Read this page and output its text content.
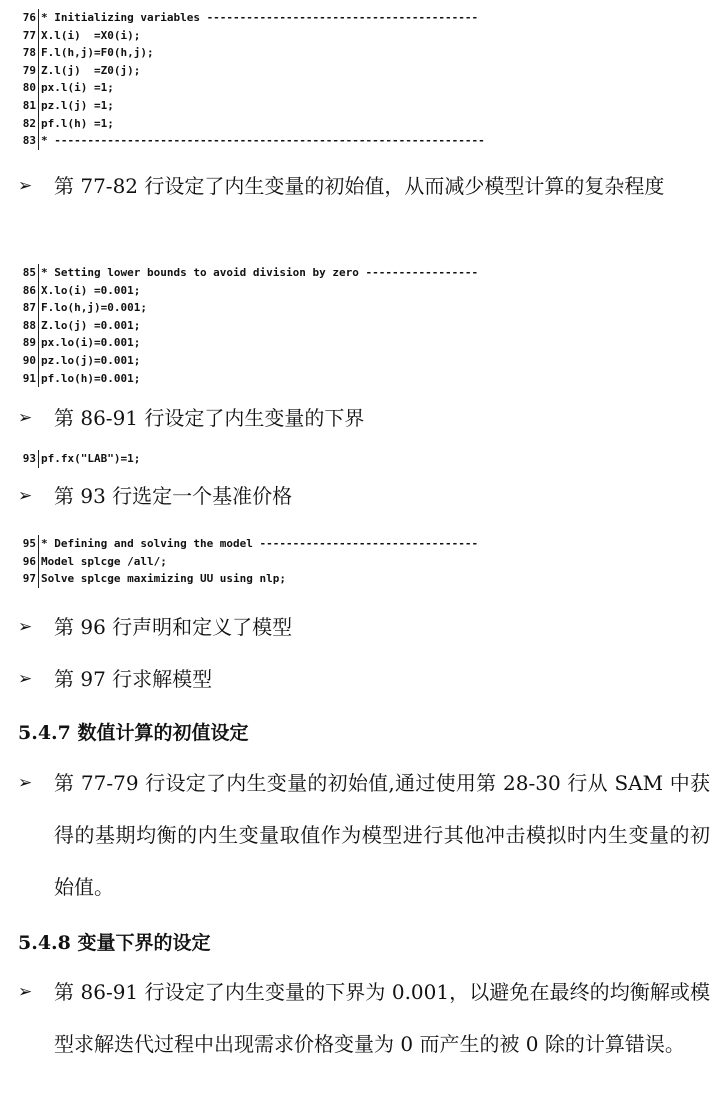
76 * Initializing variables -----------------------------------------
77 X.l(i)  =X0(i);
78 F.l(h,j)=F0(h,j);
79 Z.l(j)  =Z0(j);
80 px.l(i) =1;
81 pz.l(j) =1;
82 pf.l(h) =1;
83 * -----------------------------------------------------------------
➢	第 77-82 行设定了内生变量的初始值，从而减少模型计算的复杂程度
85 * Setting lower bounds to avoid division by zero -----------------
86 X.lo(i) =0.001;
87 F.lo(h,j)=0.001;
88 Z.lo(j) =0.001;
89 px.lo(i)=0.001;
90 pz.lo(j)=0.001;
91 pf.lo(h)=0.001;
➢	第 86-91 行设定了内生变量的下界
93 pf.fx("LAB")=1;
➢	第 93 行选定一个基准价格
95 * Defining and solving the model ---------------------------------
96 Model splcge /all/;
97 Solve splcge maximizing UU using nlp;
➢	第 96 行声明和定义了模型
➢	第 97 行求解模型
5.4.7 数值计算的初值设定
➢	第 77-79 行设定了内生变量的初始值,通过使用第 28-30 行从 SAM 中获得的基期均衡的内生变量取值作为模型进行其他冲击模拟时内生变量的初始值。
5.4.8 变量下界的设定
➢	第 86-91 行设定了内生变量的下界为 0.001，以避免在最终的均衡解或模型求解迭代过程中出现需求价格变量为 0 而产生的被 0 除的计算错误。
